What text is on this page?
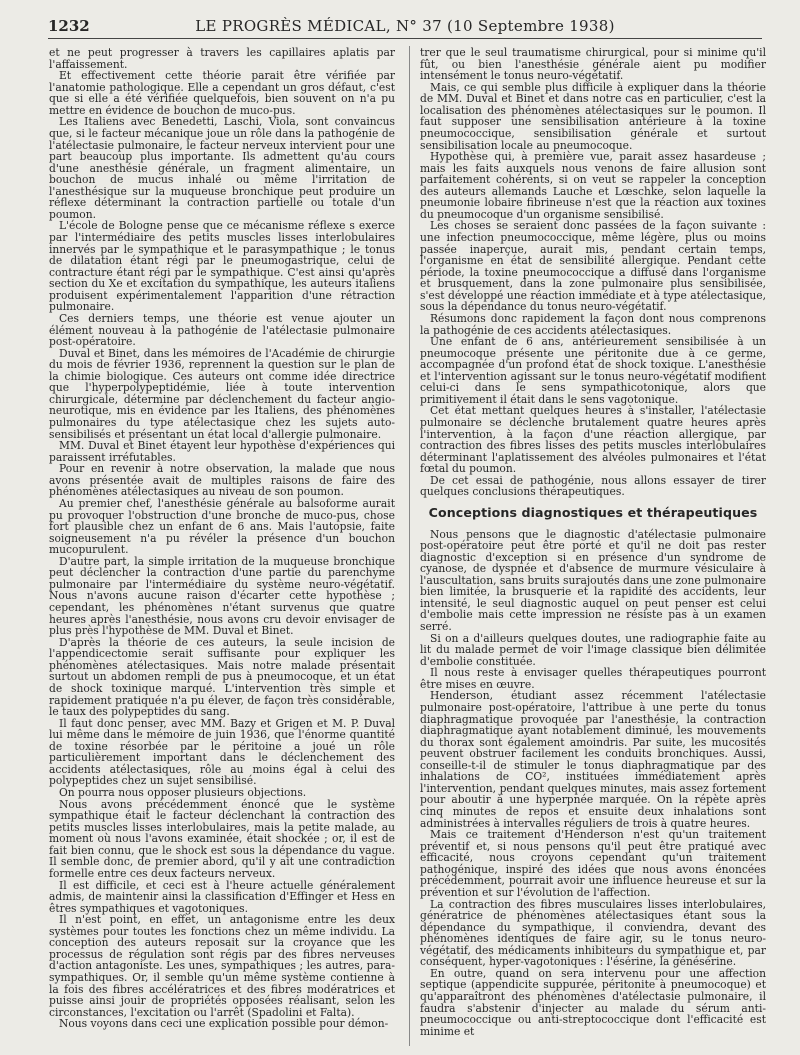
1232	LE PROGRÈS MÉDICAL, N° 37 (10 Septembre 1938)

et ne peut progresser à travers les capillaires aplatis par l'affaissement.

Et effectivement cette théorie parait être vérifiée par l'anatomie pathologique. Elle a cependant un gros défaut, c'est que si elle a été vérifiée quelquefois, bien souvent on n'a pu mettre en évidence de bouchon de muco-pus.

Les Italiens avec Benedetti, Laschi, Viola, sont convaincus que, si le facteur mécanique joue un rôle dans la pathogénie de l'atélectasie pulmonaire, le facteur nerveux intervient pour une part beaucoup plus importante. Ils admettent qu'au cours d'une anesthésie générale, un fragment alimentaire, un bouchon de mucus inhalé ou même l'irritation de l'anesthésique sur la muqueuse bronchique peut produire un réflexe déterminant la contraction partielle ou totale d'un poumon.

L'école de Bologne pense que ce mécanisme réflexe s exerce par l'intermédiaire des petits muscles lisses interlobulaires innervés par le sympathique et le parasympathique ; le tonus de dilatation étant régi par le pneumogastrique, celui de contracture étant régi par le sympathique. C'est ainsi qu'après section du Xe et excitation du sympathique, les auteurs italiens produisent expérimentalement l'apparition d'une rétraction pulmonaire.

Ces derniers temps, une théorie est venue ajouter un élément nouveau à la pathogénie de l'atélectasie pulmonaire post-opératoire.

Duval et Binet, dans les mémoires de l'Académie de chirurgie du mois de février 1936, reprennent la question sur le plan de la chimie biologique. Ces auteurs ont comme idée directrice que l'hyperpolypeptidémie, liée à toute intervention chirurgicale, détermine par déclenchement du facteur angio-neurotique, mis en évidence par les Italiens, des phénomènes pulmonaires du type atélectasique chez les sujets auto-sensibilisés et présentant un état local d'allergie pulmonaire.

MM. Duval et Binet étayent leur hypothèse d'expériences qui paraissent irréfutables.

Pour en revenir à notre observation, la malade que nous avons présentée avait de multiples raisons de faire des phénomènes atélectasiques au niveau de son poumon.

Au premier chef, l'anesthésie générale au balsoforme aurait pu provoquer l'obstruction d'une bronche de muco-pus, chose fort plausible chez un enfant de 6 ans. Mais l'autopsie, faite soigneusement n'a pu révéler la présence d'un bouchon mucopurulent.

D'autre part, la simple irritation de la muqueuse bronchique peut déclencher la contraction d'une partie du parenchyme pulmonaire par l'intermédiaire du système neuro-végétatif. Nous n'avons aucune raison d'écarter cette hypothèse ; cependant, les phénomènes n'étant survenus que quatre heures après l'anesthésie, nous avons cru devoir envisager de plus près l'hypothèse de MM. Duval et Binet.

D'après la théorie de ces auteurs, la seule incision de l'appendicectomie serait suffisante pour expliquer les phénomènes atélectasiques. Mais notre malade présentait surtout un abdomen rempli de pus à pneumocoque, et un état de shock toxinique marqué. L'intervention très simple et rapidement pratiquée n'a pu élever, de façon très considérable, le taux des polypeptides du sang.

Il faut donc penser, avec MM. Bazy et Grigen et M. P. Duval lui même dans le mémoire de juin 1936, que l'énorme quantité de toxine résorbée par le péritoine a joué un rôle particulièrement important dans le déclenchement des accidents atélectasiques, rôle au moins égal à celui des polypeptides chez un sujet sensibilisé.

On pourra nous opposer plusieurs objections.

Nous avons précédemment énoncé que le système sympathique était le facteur déclenchant la contraction des petits muscles lisses interlobulaires, mais la petite malade, au moment où nous l'avons examinée, était shockée ; or, il est de fait bien connu, que le shock est sous la dépendance du vague. Il semble donc, de premier abord, qu'il y ait une contradiction formelle entre ces deux facteurs nerveux.

Il est difficile, et ceci est à l'heure actuelle généralement admis, de maintenir ainsi la classification d'Effinger et Hess en êtres sympathiques et vagotoniques.

Il n'est point, en effet, un antagonisme entre les deux systèmes pour toutes les fonctions chez un même individu. La conception des auteurs reposait sur la croyance que les processus de régulation sont régis par des fibres nerveuses d'action antagoniste. Les unes, sympathiques ; les autres, para-sympathiques. Or, il semble qu'un même système contienne à la fois des fibres accélératrices et des fibres modératrices et puisse ainsi jouir de propriétés opposées réalisant, selon les circonstances, l'excitation ou l'arrêt (Spadolini et Falta).

Nous voyons dans ceci une explication possible pour démon-

trer que le seul traumatisme chirurgical, pour si minime qu'il fût, ou bien l'anesthésie générale aient pu modifier intensément le tonus neuro-végétatif.

Mais, ce qui semble plus difficile à expliquer dans la théorie de MM. Duval et Binet et dans notre cas en particulier, c'est la localisation des phénomènes atélectasiques sur le poumon. Il faut supposer une sensibilisation antérieure à la toxine pneumococcique, sensibilisation générale et surtout sensibilisation locale au pneumocoque.

Hypothèse qui, à première vue, parait assez hasardeuse ; mais les faits auxquels nous venons de faire allusion sont parfaitement cohérents, si on veut se rappeler la conception des auteurs allemands Lauche et Lœschke, selon laquelle la pneumonie lobaire fibrineuse n'est que la réaction aux toxines du pneumocoque d'un organisme sensibilisé.

Les choses se seraient donc passées de la façon suivante : une infection pneumococcique, même légère, plus ou moins passée inaperçue, aurait mis, pendant certain temps, l'organisme en état de sensibilité allergique. Pendant cette période, la toxine pneumococcique a diffusé dans l'organisme et brusquement, dans la zone pulmonaire plus sensibilisée, s'est développé une réaction immédiate et à type atélectasique, sous la dépendance du tonus neuro-végétatif.

Résumons donc rapidement la façon dont nous comprenons la pathogénie de ces accidents atélectasiques.

Une enfant de 6 ans, antérieurement sensibilisée à un pneumocoque présente une péritonite due à ce germe, accompagnée d'un profond état de shock toxique. L'anesthésie et l'intervention agissant sur le tonus neuro-végétatif modifient celui-ci dans le sens sympathicotonique, alors que primitivement il était dans le sens vagotonique.

Cet état mettant quelques heures à s'installer, l'atélectasie pulmonaire se déclenche brutalement quatre heures après l'intervention, à la façon d'une réaction allergique, par contraction des fibres lisses des petits muscles interlobulaires déterminant l'aplatissement des alvéoles pulmonaires et l'état fœtal du poumon.

De cet essai de pathogénie, nous allons essayer de tirer quelques conclusions thérapeutiques.

Conceptions diagnostiques et thérapeutiques

Nous pensons que le diagnostic d'atélectasie pulmonaire post-opératoire peut être porté et qu'il ne doit pas rester diagnostic d'exception si en présence d'un syndrome de cyanose, de dyspnée et d'absence de murmure vésiculaire à l'auscultation, sans bruits surajoutés dans une zone pulmonaire bien limitée, la brusquerie et la rapidité des accidents, leur intensité, le seul diagnostic auquel on peut penser est celui d'embolie mais cette impression ne résiste pas à un examen serré.

Si on a d'ailleurs quelques doutes, une radiographie faite au lit du malade permet de voir l'image classique bien délimitée d'embolie constituée.

Il nous reste à envisager quelles thérapeutiques pourront être mises en œuvre.

Henderson, étudiant assez récemment l'atélectasie pulmonaire post-opératoire, l'attribue à une perte du tonus diaphragmatique provoquée par l'anesthésie, la contraction diaphragmatique ayant notablement diminué, les mouvements du thorax sont également amoindris. Par suite, les mucosités peuvent obstruer facilement les conduits bronchiques. Aussi, conseille-t-il de stimuler le tonus diaphragmatique par des inhalations de CO², instituées immédiatement après l'intervention, pendant quelques minutes, mais assez fortement pour aboutir à une hyperpnée marquée. On la répète après cinq minutes de repos et ensuite deux inhalations sont administrées à intervalles réguliers de trois à quatre heures.

Mais ce traitement d'Henderson n'est qu'un traitement préventif et, si nous pensons qu'il peut être pratiqué avec efficacité, nous croyons cependant qu'un traitement pathogénique, inspiré des idées que nous avons énoncées précédemment, pourrait avoir une influence heureuse et sur la prévention et sur l'évolution de l'affection.

La contraction des fibres musculaires lisses interlobulaires, génératrice de phénomènes atélectasiques étant sous la dépendance du sympathique, il conviendra, devant des phénomènes identiques de faire agir, su le tonus neuro-végétatif, des médicaments inhibiteurs du sympathique et, par conséquent, hyper-vagotoniques : l'ésérine, la génésérine.

En outre, quand on sera intervenu pour une affection septique (appendicite suppurée, péritonite à pneumocoque) et qu'apparaîtront des phénomènes d'atélectasie pulmonaire, il faudra s'abstenir d'injecter au malade du sérum anti-pneumococcique ou anti-streptococcique dont l'efficacité est minime et
